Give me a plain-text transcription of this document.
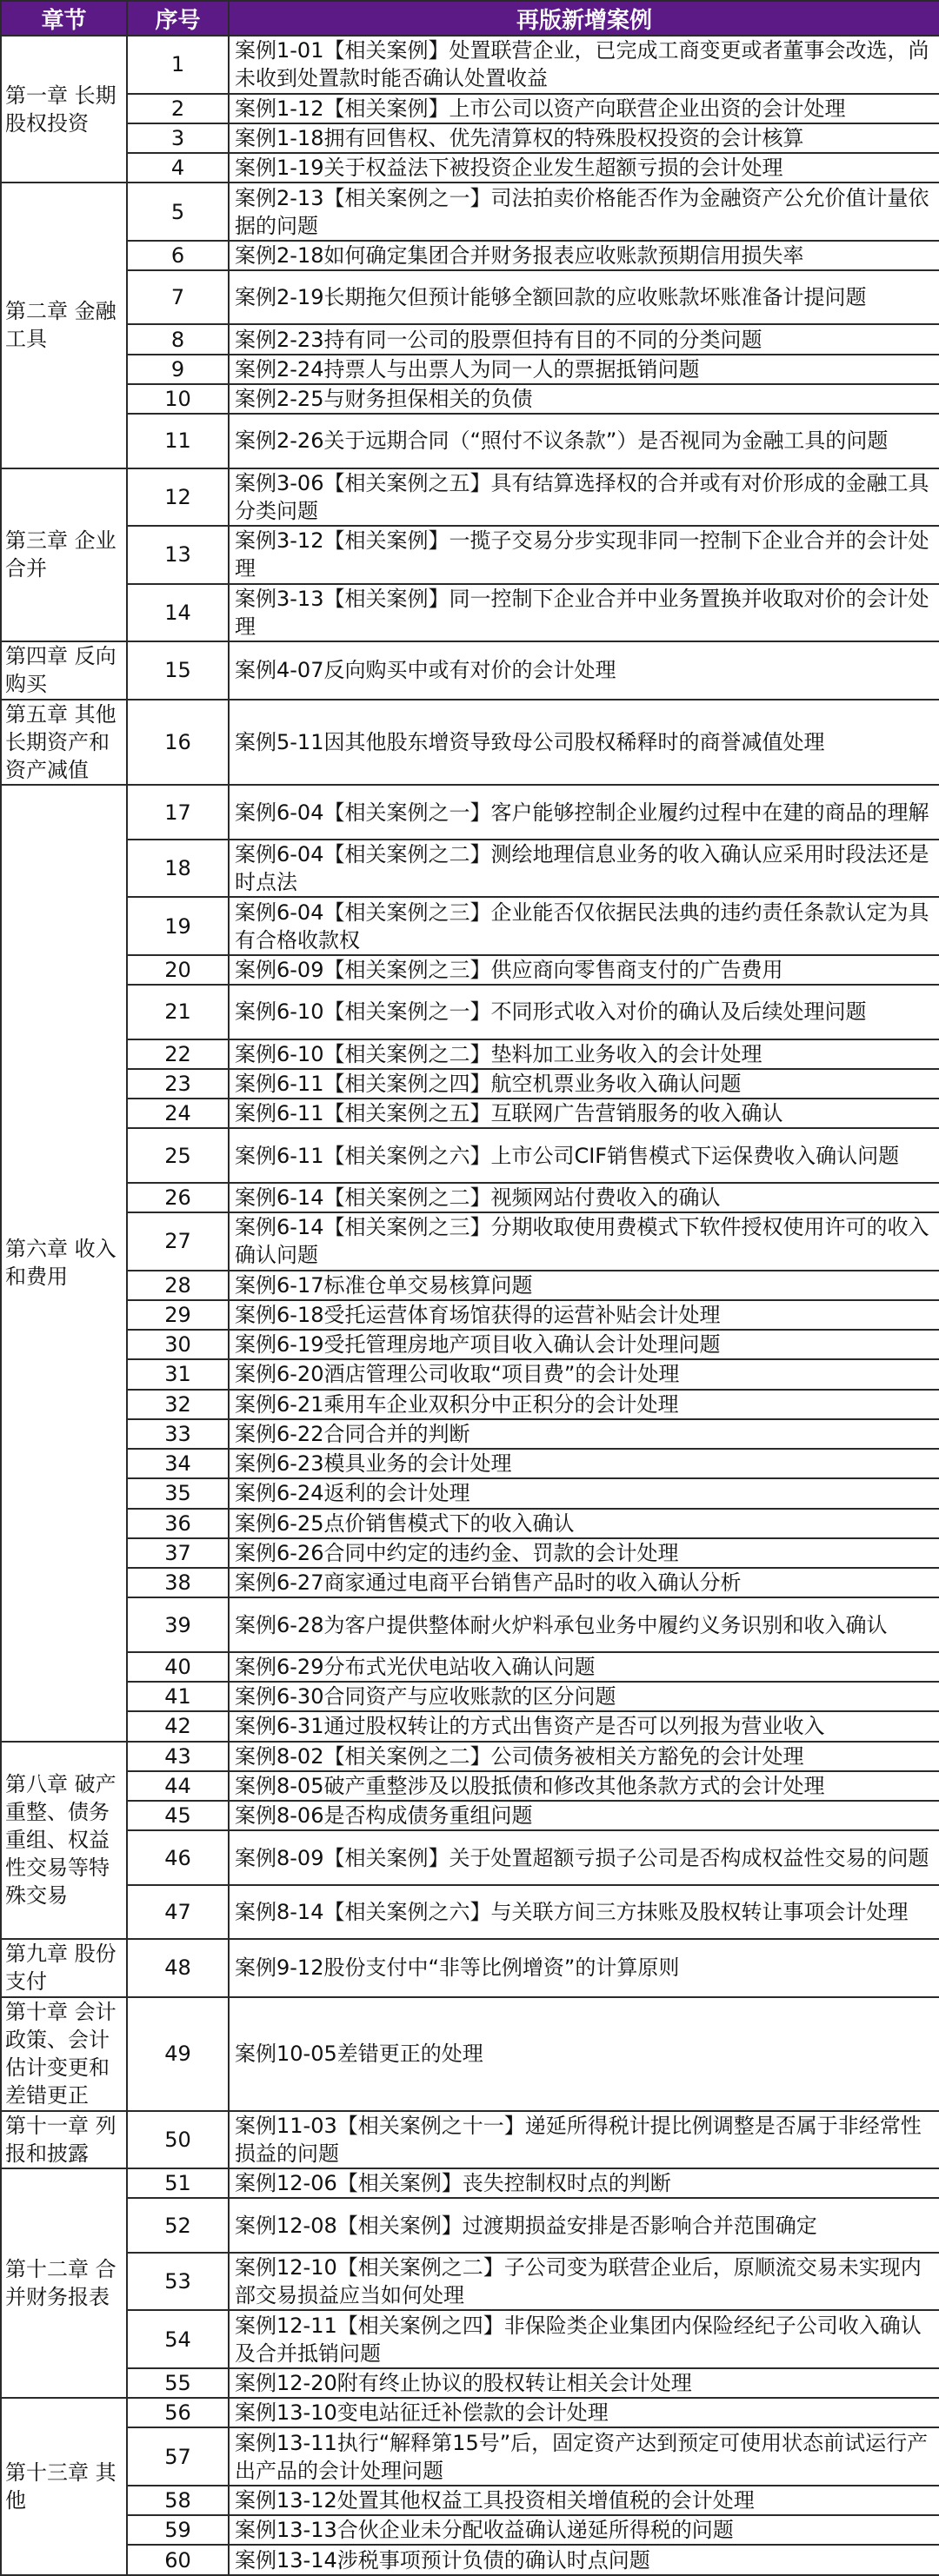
章节	序号	再版新增案例
第一章 长期股权投资	1	案例1-01【相关案例】处置联营企业，已完成工商变更或者董事会改选，尚未收到处置款时能否确认处置收益
	2	案例1-12【相关案例】上市公司以资产向联营企业出资的会计处理
	3	案例1-18拥有回售权、优先清算权的特殊股权投资的会计核算
	4	案例1-19关于权益法下被投资企业发生超额亏损的会计处理
第二章 金融工具	5	案例2-13【相关案例之一】司法拍卖价格能否作为金融资产公允价值计量依据的问题
	6	案例2-18如何确定集团合并财务报表应收账款预期信用损失率
	7	案例2-19长期拖欠但预计能够全额回款的应收账款坏账准备计提问题
	8	案例2-23持有同一公司的股票但持有目的不同的分类问题
	9	案例2-24持票人与出票人为同一人的票据抵销问题
	10	案例2-25与财务担保相关的负债
	11	案例2-26关于远期合同（“照付不议条款”）是否视同为金融工具的问题
第三章 企业合并	12	案例3-06【相关案例之五】具有结算选择权的合并或有对价形成的金融工具分类问题
	13	案例3-12【相关案例】一揽子交易分步实现非同一控制下企业合并的会计处理
	14	案例3-13【相关案例】同一控制下企业合并中业务置换并收取对价的会计处理
第四章 反向购买	15	案例4-07反向购买中或有对价的会计处理
第五章 其他长期资产和资产减值	16	案例5-11因其他股东增资导致母公司股权稀释时的商誉减值处理
第六章 收入和费用	17	案例6-04【相关案例之一】客户能够控制企业履约过程中在建的商品的理解
	18	案例6-04【相关案例之二】测绘地理信息业务的收入确认应采用时段法还是时点法
	19	案例6-04【相关案例之三】企业能否仅依据民法典的违约责任条款认定为具有合格收款权
	20	案例6-09【相关案例之三】供应商向零售商支付的广告费用
	21	案例6-10【相关案例之一】不同形式收入对价的确认及后续处理问题
	22	案例6-10【相关案例之二】垫料加工业务收入的会计处理
	23	案例6-11【相关案例之四】航空机票业务收入确认问题
	24	案例6-11【相关案例之五】互联网广告营销服务的收入确认
	25	案例6-11【相关案例之六】上市公司CIF销售模式下运保费收入确认问题
	26	案例6-14【相关案例之二】视频网站付费收入的确认
	27	案例6-14【相关案例之三】分期收取使用费模式下软件授权使用许可的收入确认问题
	28	案例6-17标准仓单交易核算问题
	29	案例6-18受托运营体育场馆获得的运营补贴会计处理
	30	案例6-19受托管理房地产项目收入确认会计处理问题
	31	案例6-20酒店管理公司收取“项目费”的会计处理
	32	案例6-21乘用车企业双积分中正积分的会计处理
	33	案例6-22合同合并的判断
	34	案例6-23模具业务的会计处理
	35	案例6-24返利的会计处理
	36	案例6-25点价销售模式下的收入确认
	37	案例6-26合同中约定的违约金、罚款的会计处理
	38	案例6-27商家通过电商平台销售产品时的收入确认分析
	39	案例6-28为客户提供整体耐火炉料承包业务中履约义务识别和收入确认
	40	案例6-29分布式光伏电站收入确认问题
	41	案例6-30合同资产与应收账款的区分问题
	42	案例6-31通过股权转让的方式出售资产是否可以列报为营业收入
第八章 破产重整、债务重组、权益性交易等特殊交易	43	案例8-02【相关案例之二】公司债务被相关方豁免的会计处理
	44	案例8-05破产重整涉及以股抵债和修改其他条款方式的会计处理
	45	案例8-06是否构成债务重组问题
	46	案例8-09【相关案例】关于处置超额亏损子公司是否构成权益性交易的问题
	47	案例8-14【相关案例之六】与关联方间三方抹账及股权转让事项会计处理
第九章 股份支付	48	案例9-12股份支付中“非等比例增资”的计算原则
第十章 会计政策、会计估计变更和差错更正	49	案例10-05差错更正的处理
第十一章 列报和披露	50	案例11-03【相关案例之十一】递延所得税计提比例调整是否属于非经常性损益的问题
第十二章 合并财务报表	51	案例12-06【相关案例】丧失控制权时点的判断
	52	案例12-08【相关案例】过渡期损益安排是否影响合并范围确定
	53	案例12-10【相关案例之二】子公司变为联营企业后，原顺流交易未实现内部交易损益应当如何处理
	54	案例12-11【相关案例之四】非保险类企业集团内保险经纪子公司收入确认及合并抵销问题
	55	案例12-20附有终止协议的股权转让相关会计处理
第十三章 其他	56	案例13-10变电站征迁补偿款的会计处理
	57	案例13-11执行“解释第15号”后，固定资产达到预定可使用状态前试运行产出产品的会计处理问题
	58	案例13-12处置其他权益工具投资相关增值税的会计处理
	59	案例13-13合伙企业未分配收益确认递延所得税的问题
	60	案例13-14涉税事项预计负债的确认时点问题
